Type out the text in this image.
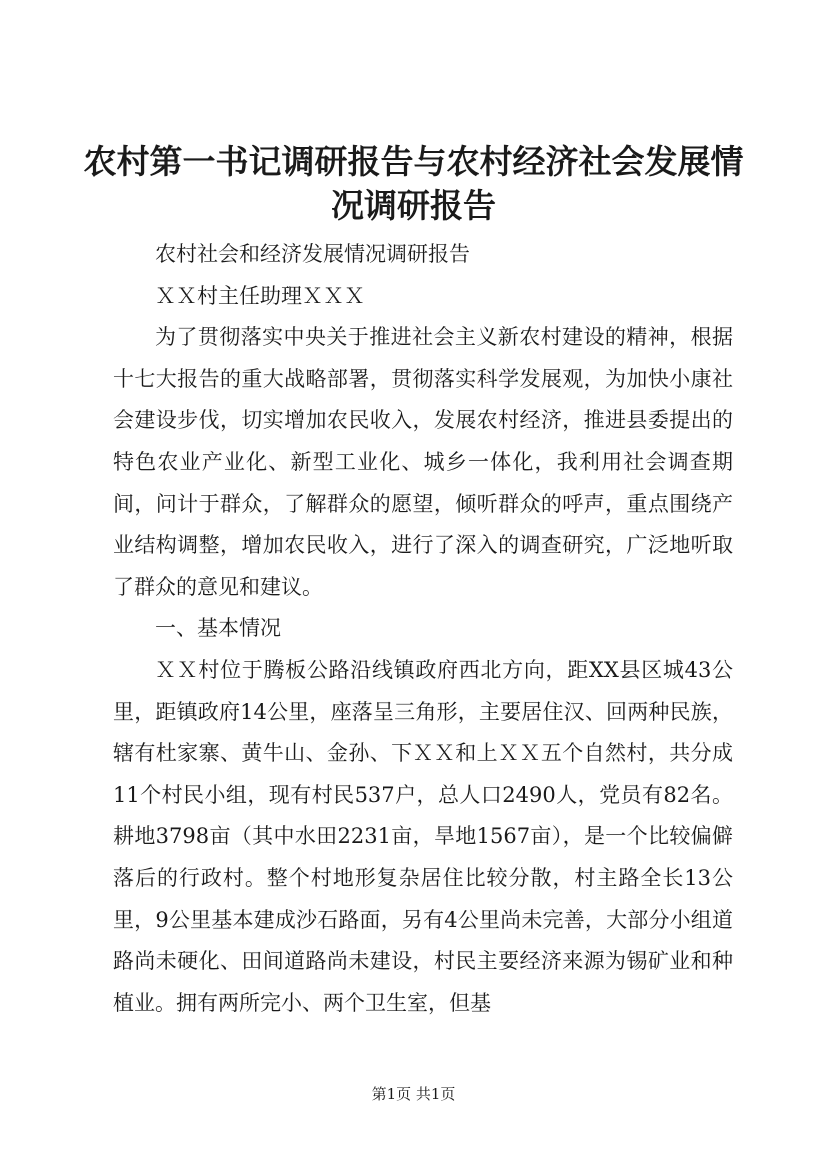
农村第一书记调研报告与农村经济社会发展情况调研报告

农村社会和经济发展情况调研报告

ＸＸ村主任助理ＸＸＸ

为了贯彻落实中央关于推进社会主义新农村建设的精神，根据十七大报告的重大战略部署，贯彻落实科学发展观，为加快小康社会建设步伐，切实增加农民收入，发展农村经济，推进县委提出的特色农业产业化、新型工业化、城乡一体化，我利用社会调查期间，问计于群众，了解群众的愿望，倾听群众的呼声，重点围绕产业结构调整，增加农民收入，进行了深入的调查研究，广泛地听取了群众的意见和建议。

一、基本情况

ＸＸ村位于腾板公路沿线镇政府西北方向，距XX县区城43公里，距镇政府14公里，座落呈三角形，主要居住汉、回两种民族，辖有杜家寨、黄牛山、金孙、下ＸＸ和上ＸＸ五个自然村，共分成11个村民小组，现有村民537户，总人口2490人，党员有82名。耕地3798亩（其中水田2231亩，旱地1567亩），是一个比较偏僻落后的行政村。整个村地形复杂居住比较分散，村主路全长13公里，9公里基本建成沙石路面，另有4公里尚未完善，大部分小组道路尚未硬化、田间道路尚未建设，村民主要经济来源为锡矿业和种植业。拥有两所完小、两个卫生室，但基

第1页 共1页
